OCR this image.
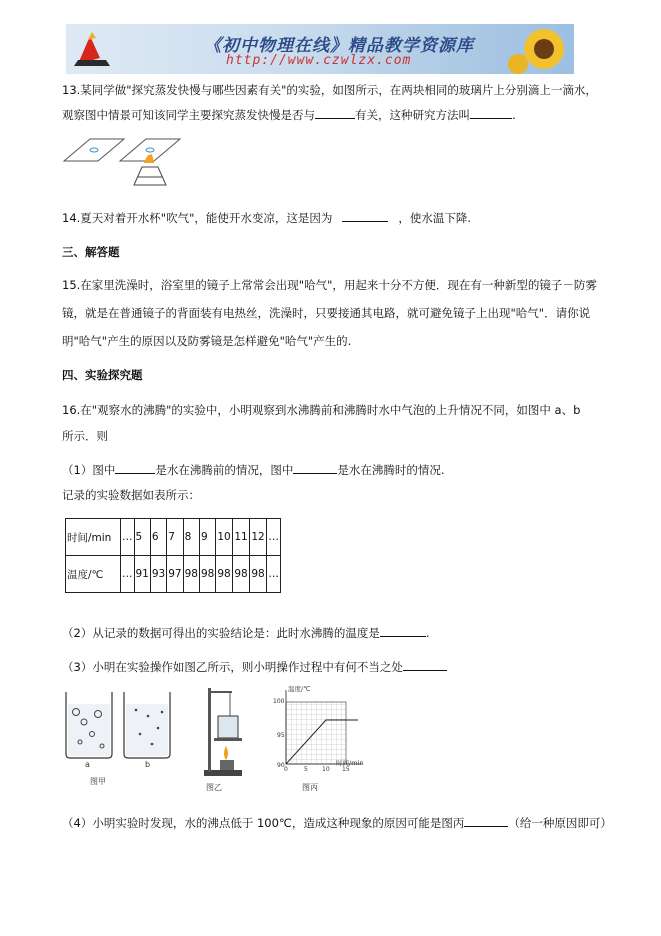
《初中物理在线》精品教学资源库
http://www.czwlzx.com
13.某同学做"探究蒸发快慢与哪些因素有关"的实验，如图所示，在两块相同的玻璃片上分别滴上一滴水，
观察图中情景可知该同学主要探究蒸发快慢是否与	有关，这种研究方法叫	.
14.夏天对着开水杯"吹气"，能使开水变凉，这是因为	，使水温下降.
三、解答题
15.在家里洗澡时，浴室里的镜子上常常会出现"哈气"，用起来十分不方便．现在有一种新型的镜子－防雾
镜，就是在普通镜子的背面装有电热丝，洗澡时，只要接通其电路，就可避免镜子上出现"哈气"．请你说
明"哈气"产生的原因以及防雾镜是怎样避免"哈气"产生的.
四、实验探究题
16.在"观察水的沸腾"的实验中，小明观察到水沸腾前和沸腾时水中气泡的上升情况不同，如图中 a、b
所示．则
（1）图中	是水在沸腾前的情况，图中	是水在沸腾时的情况.
记录的实验数据如表所示：
时间/min	…	5	6	7	8	9	10	11	12	…
温度/℃	…	91	93	97	98	98	98	98	98	…
（2）从记录的数据可得出的实验结论是：此时水沸腾的温度是	.
（3）小明在实验操作如图乙所示，则小明操作过程中有何不当之处
a	b
图甲
图乙
温度/℃
时间/min
100
95
90
0	5 10 15
图丙
（4）小明实验时发现，水的沸点低于 100℃，造成这种现象的原因可能是图丙	（给一种原因即可）
